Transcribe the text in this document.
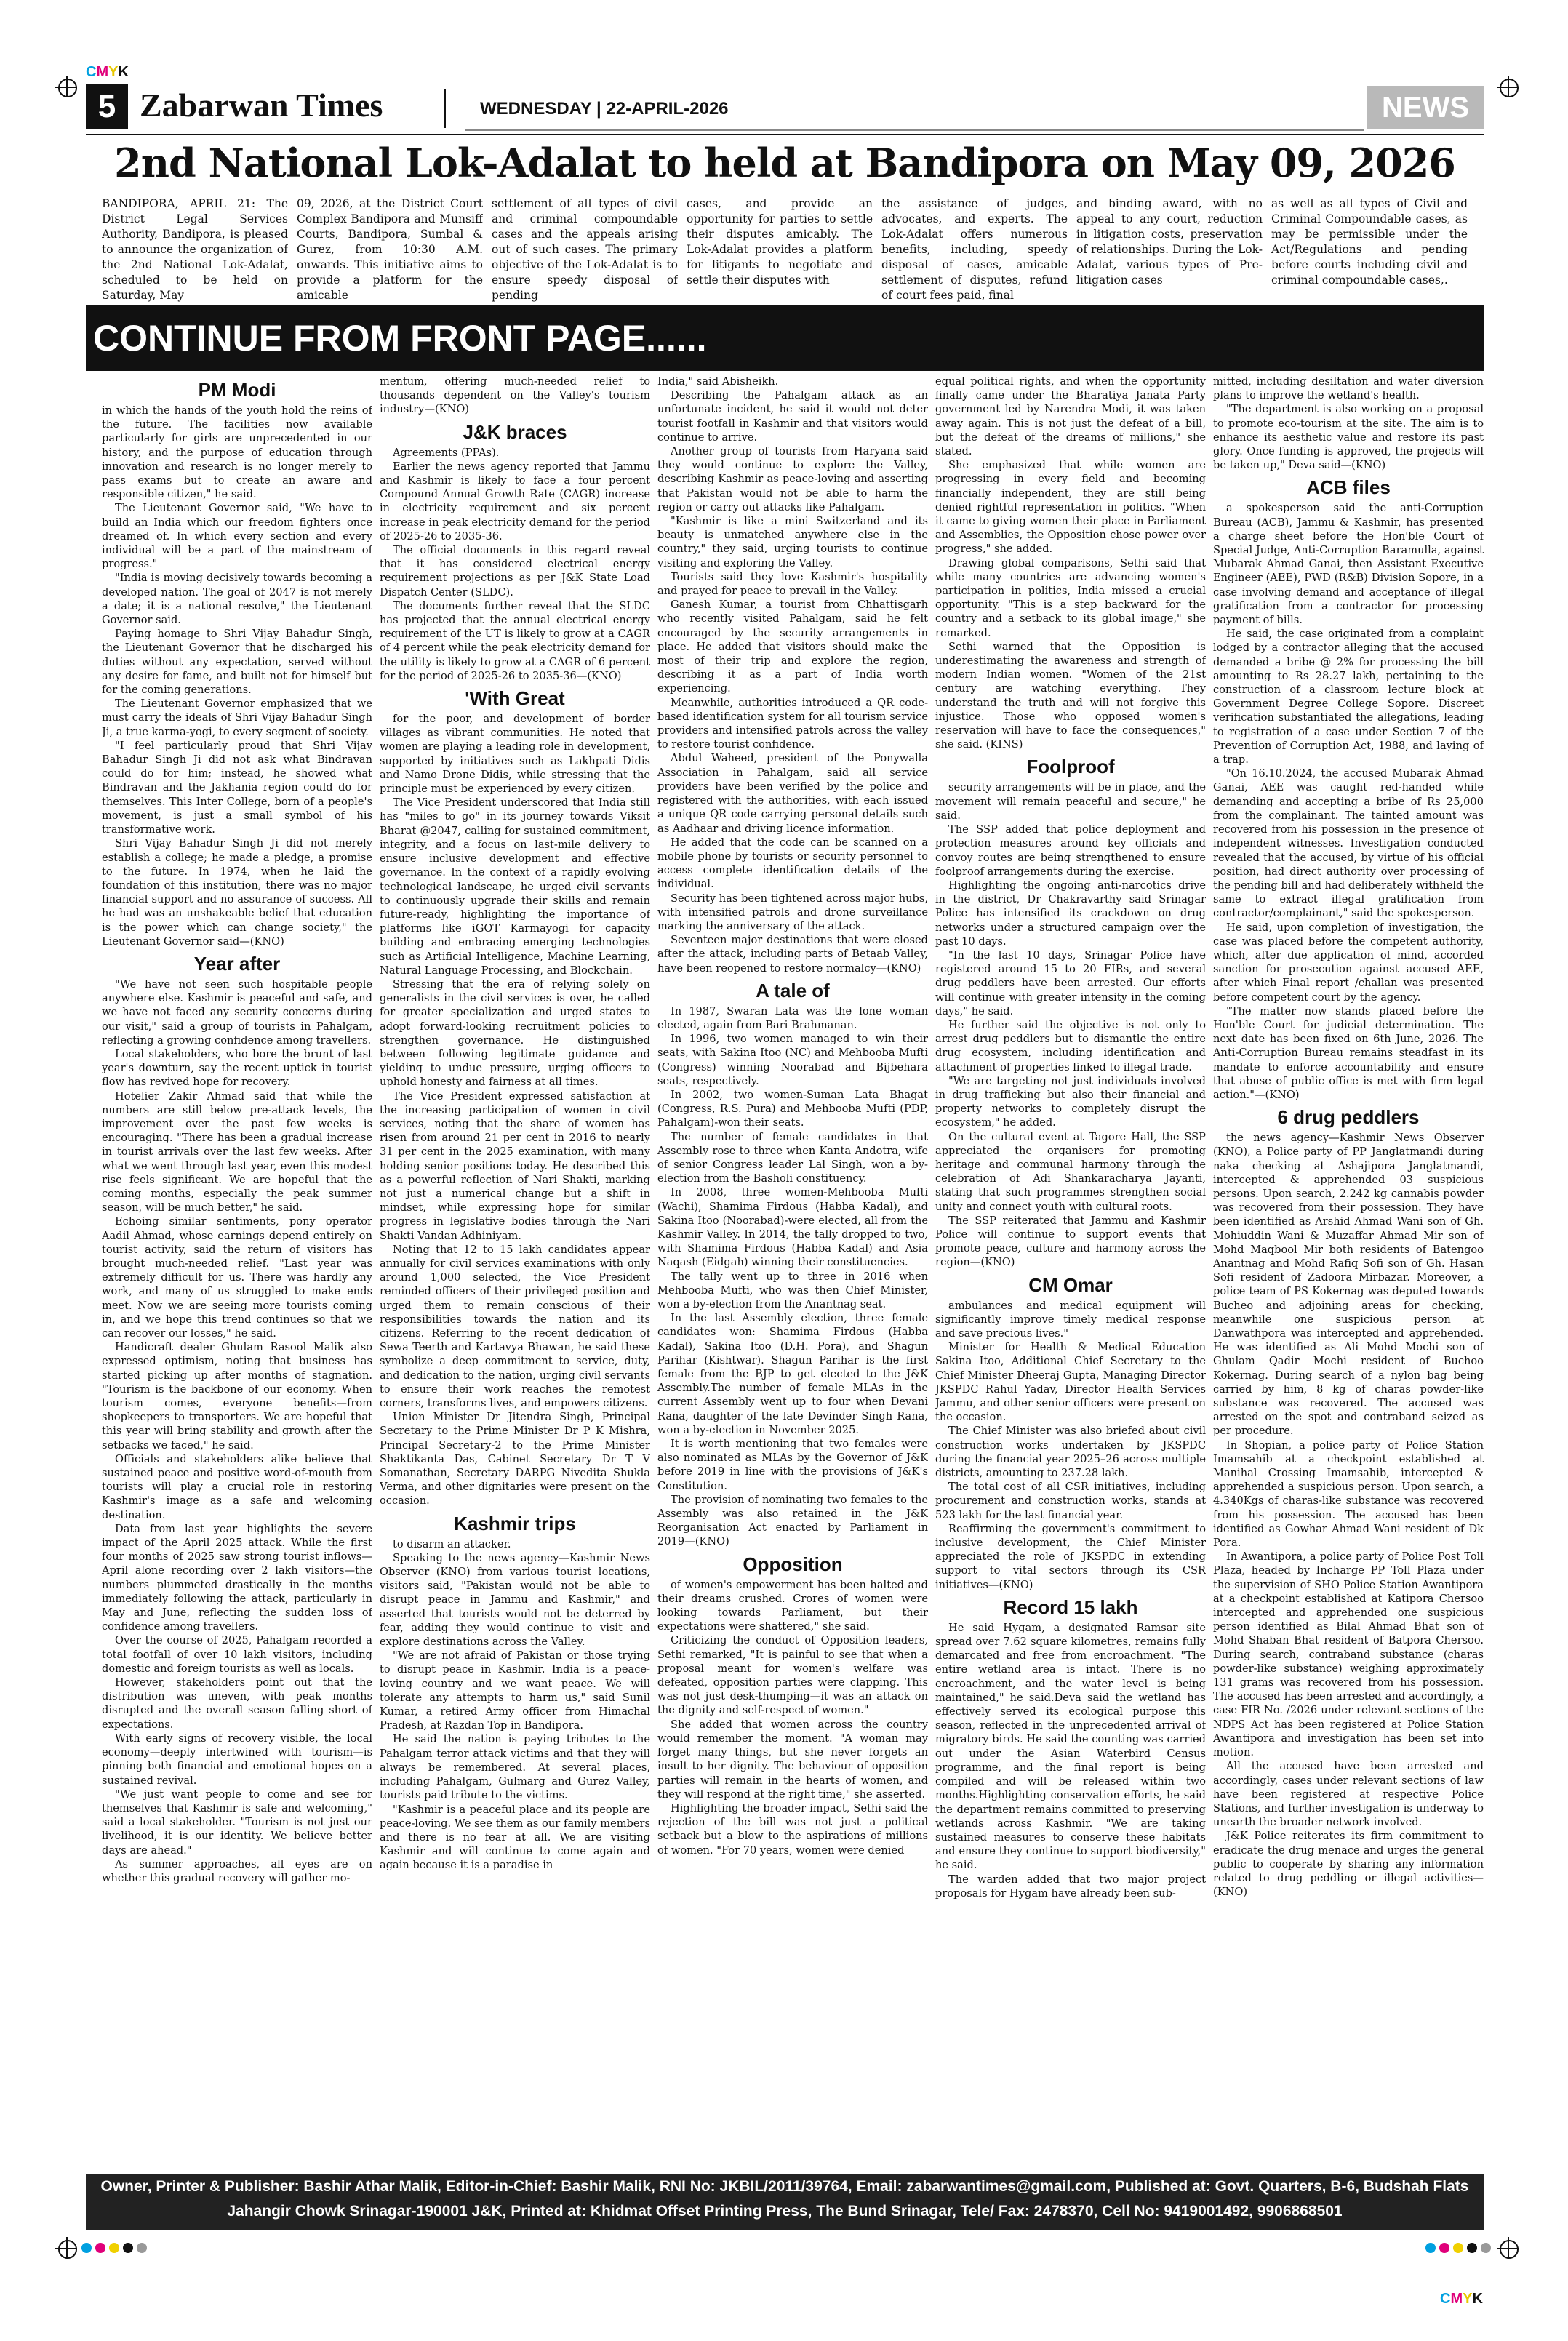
CMYK
CMYK
5 Zabarwan Times	WEDNESDAY | 22-APRIL-2026	NEWS
2nd National Lok-Adalat to held at Bandipora on May 09, 2026
BANDIPORA, APRIL 21: The District Legal Services Authority, Bandipora, is pleased to announce the organization of the 2nd National Lok-Adalat, scheduled to be held on Saturday, May
09, 2026, at the District Court Complex Bandipora and Munsiff Courts, Bandipora, Sumbal & Gurez, from 10:30 A.M. onwards. This initiative aims to provide a platform for the amicable
settlement of all types of civil and criminal compoundable cases and the appeals arising out of such cases. The primary objective of the Lok-Adalat is to ensure speedy disposal of pending
cases, and provide an opportunity for parties to settle their disputes amicably. The Lok-Adalat provides a platform for litigants to negotiate and settle their disputes with
the assistance of judges, advocates, and experts. The Lok-Adalat offers numerous benefits, including, speedy disposal of cases, amicable settlement of disputes, refund of court fees paid, final
and binding award, with no appeal to any court, reduction in litigation costs, preservation of relationships. During the Lok-Adalat, various types of Pre-litigation cases
as well as all types of Civil and Criminal Compoundable cases, as may be permissible under the Act/Regulations and pending before courts including civil and criminal compoundable cases,.
CONTINUE FROM FRONT PAGE......
PM Modi

in which the hands of the youth hold the reins of the future. The facilities now available particularly for girls are unprecedented in our history, and the purpose of education through innovation and research is no longer merely to pass exams but to create an aware and responsible citizen," he said.

The Lieutenant Governor said, "We have to build an India which our freedom fighters once dreamed of. In which every section and every individual will be a part of the mainstream of progress."

"India is moving decisively towards becoming a developed nation. The goal of 2047 is not merely a date; it is a national resolve," the Lieutenant Governor said.

Paying homage to Shri Vijay Bahadur Singh, the Lieutenant Governor that he discharged his duties without any expectation, served without any desire for fame, and built not for himself but for the coming generations.

The Lieutenant Governor emphasized that we must carry the ideals of Shri Vijay Bahadur Singh Ji, a true karma-yogi, to every segment of society.

"I feel particularly proud that Shri Vijay Bahadur Singh Ji did not ask what Bindravan could do for him; instead, he showed what Bindravan and the Jakhania region could do for themselves. This Inter College, born of a people's movement, is just a small symbol of his transformative work.

Shri Vijay Bahadur Singh Ji did not merely establish a college; he made a pledge, a promise to the future. In 1974, when he laid the foundation of this institution, there was no major financial support and no assurance of success. All he had was an unshakeable belief that education is the power which can change society," the Lieutenant Governor said—(KNO)

Year after

"We have not seen such hospitable people anywhere else. Kashmir is peaceful and safe, and we have not faced any security concerns during our visit," said a group of tourists in Pahalgam, reflecting a growing confidence among travellers.

Local stakeholders, who bore the brunt of last year's downturn, say the recent uptick in tourist flow has revived hope for recovery.

Hotelier Zakir Ahmad said that while the numbers are still below pre-attack levels, the improvement over the past few weeks is encouraging. "There has been a gradual increase in tourist arrivals over the last few weeks. After what we went through last year, even this modest rise feels significant. We are hopeful that the coming months, especially the peak summer season, will be much better," he said.

Echoing similar sentiments, pony operator Aadil Ahmad, whose earnings depend entirely on tourist activity, said the return of visitors has brought much-needed relief. "Last year was extremely difficult for us. There was hardly any work, and many of us struggled to make ends meet. Now we are seeing more tourists coming in, and we hope this trend continues so that we can recover our losses," he said.

Handicraft dealer Ghulam Rasool Malik also expressed optimism, noting that business has started picking up after months of stagnation. "Tourism is the backbone of our economy. When tourism comes, everyone benefits—from shopkeepers to transporters. We are hopeful that this year will bring stability and growth after the setbacks we faced," he said.

Officials and stakeholders alike believe that sustained peace and positive word-of-mouth from tourists will play a crucial role in restoring Kashmir's image as a safe and welcoming destination.

Data from last year highlights the severe impact of the April 2025 attack. While the first four months of 2025 saw strong tourist inflows—April alone recording over 2 lakh visitors—the numbers plummeted drastically in the months immediately following the attack, particularly in May and June, reflecting the sudden loss of confidence among travellers.

Over the course of 2025, Pahalgam recorded a total footfall of over 10 lakh visitors, including domestic and foreign tourists as well as locals.

However, stakeholders point out that the distribution was uneven, with peak months disrupted and the overall season falling short of expectations.

With early signs of recovery visible, the local economy—deeply intertwined with tourism—is pinning both financial and emotional hopes on a sustained revival.

"We just want people to come and see for themselves that Kashmir is safe and welcoming," said a local stakeholder. "Tourism is not just our livelihood, it is our identity. We believe better days are ahead."

As summer approaches, all eyes are on whether this gradual recovery will gather mo-

mentum, offering much-needed relief to thousands dependent on the Valley's tourism industry—(KNO)

J&K braces

Agreements (PPAs).

Earlier the news agency reported that Jammu and Kashmir is likely to face a four percent Compound Annual Growth Rate (CAGR) increase in electricity requirement and six percent increase in peak electricity demand for the period of 2025-26 to 2035-36.

The official documents in this regard reveal that it has considered electrical energy requirement projections as per J&K State Load Dispatch Center (SLDC).

The documents further reveal that the SLDC has projected that the annual electrical energy requirement of the UT is likely to grow at a CAGR of 4 percent while the peak electricity demand for the utility is likely to grow at a CAGR of 6 percent for the period of 2025-26 to 2035-36—(KNO)

'With Great

for the poor, and development of border villages as vibrant communities. He noted that women are playing a leading role in development, supported by initiatives such as Lakhpati Didis and Namo Drone Didis, while stressing that the principle must be experienced by every citizen.

The Vice President underscored that India still has "miles to go" in its journey towards Viksit Bharat @2047, calling for sustained commitment, integrity, and a focus on last-mile delivery to ensure inclusive development and effective governance. In the context of a rapidly evolving technological landscape, he urged civil servants to continuously upgrade their skills and remain future-ready, highlighting the importance of platforms like iGOT Karmayogi for capacity building and embracing emerging technologies such as Artificial Intelligence, Machine Learning, Natural Language Processing, and Blockchain.

Stressing that the era of relying solely on generalists in the civil services is over, he called for greater specialization and urged states to adopt forward-looking recruitment policies to strengthen governance. He distinguished between following legitimate guidance and yielding to undue pressure, urging officers to uphold honesty and fairness at all times.

The Vice President expressed satisfaction at the increasing participation of women in civil services, noting that the share of women has risen from around 21 per cent in 2016 to nearly 31 per cent in the 2025 examination, with many holding senior positions today. He described this as a powerful reflection of Nari Shakti, marking not just a numerical change but a shift in mindset, while expressing hope for similar progress in legislative bodies through the Nari Shakti Vandan Adhiniyam.

Noting that 12 to 15 lakh candidates appear annually for civil services examinations with only around 1,000 selected, the Vice President reminded officers of their privileged position and urged them to remain conscious of their responsibilities towards the nation and its citizens. Referring to the recent dedication of Sewa Teerth and Kartavya Bhawan, he said these symbolize a deep commitment to service, duty, and dedication to the nation, urging civil servants to ensure their work reaches the remotest corners, transforms lives, and empowers citizens.

Union Minister Dr Jitendra Singh, Principal Secretary to the Prime Minister Dr P K Mishra, Principal Secretary-2 to the Prime Minister Shaktikanta Das, Cabinet Secretary Dr T V Somanathan, Secretary DARPG Nivedita Shukla Verma, and other dignitaries were present on the occasion.

Kashmir trips

to disarm an attacker.

Speaking to the news agency—Kashmir News Observer (KNO) from various tourist locations, visitors said, "Pakistan would not be able to disrupt peace in Jammu and Kashmir," and asserted that tourists would not be deterred by fear, adding they would continue to visit and explore destinations across the Valley.

"We are not afraid of Pakistan or those trying to disrupt peace in Kashmir. India is a peace-loving country and we want peace. We will tolerate any attempts to harm us," said Sunil Kumar, a retired Army officer from Himachal Pradesh, at Razdan Top in Bandipora.

He said the nation is paying tributes to the Pahalgam terror attack victims and that they will always be remembered. At several places, including Pahalgam, Gulmarg and Gurez Valley, tourists paid tribute to the victims.

"Kashmir is a peaceful place and its people are peace-loving. We see them as our family members and there is no fear at all. We are visiting Kashmir and will continue to come again and again because it is a paradise in

India," said Abisheikh.

Describing the Pahalgam attack as an unfortunate incident, he said it would not deter tourist footfall in Kashmir and that visitors would continue to arrive.

Another group of tourists from Haryana said they would continue to explore the Valley, describing Kashmir as peace-loving and asserting that Pakistan would not be able to harm the region or carry out attacks like Pahalgam.

"Kashmir is like a mini Switzerland and its beauty is unmatched anywhere else in the country," they said, urging tourists to continue visiting and exploring the Valley.

Tourists said they love Kashmir's hospitality and prayed for peace to prevail in the Valley.

Ganesh Kumar, a tourist from Chhattisgarh who recently visited Pahalgam, said he felt encouraged by the security arrangements in place. He added that visitors should make the most of their trip and explore the region, describing it as a part of India worth experiencing.

Meanwhile, authorities introduced a QR code-based identification system for all tourism service providers and intensified patrols across the valley to restore tourist confidence.

Abdul Waheed, president of the Ponywalla Association in Pahalgam, said all service providers have been verified by the police and registered with the authorities, with each issued a unique QR code carrying personal details such as Aadhaar and driving licence information.

He added that the code can be scanned on a mobile phone by tourists or security personnel to access complete identification details of the individual.

Security has been tightened across major hubs, with intensified patrols and drone surveillance marking the anniversary of the attack.

Seventeen major destinations that were closed after the attack, including parts of Betaab Valley, have been reopened to restore normalcy—(KNO)

A tale of

In 1987, Swaran Lata was the lone woman elected, again from Bari Brahmanan.

In 1996, two women managed to win their seats, with Sakina Itoo (NC) and Mehbooba Mufti (Congress) winning Noorabad and Bijbehara seats, respectively.

In 2002, two women-Suman Lata Bhagat (Congress, R.S. Pura) and Mehbooba Mufti (PDP, Pahalgam)-won their seats.

The number of female candidates in that Assembly rose to three when Kanta Andotra, wife of senior Congress leader Lal Singh, won a by-election from the Basholi constituency.

In 2008, three women-Mehbooba Mufti (Wachi), Shamima Firdous (Habba Kadal), and Sakina Itoo (Noorabad)-were elected, all from the Kashmir Valley. In 2014, the tally dropped to two, with Shamima Firdous (Habba Kadal) and Asia Naqash (Eidgah) winning their constituencies.

The tally went up to three in 2016 when Mehbooba Mufti, who was then Chief Minister, won a by-election from the Anantnag seat.

In the last Assembly election, three female candidates won: Shamima Firdous (Habba Kadal), Sakina Itoo (D.H. Pora), and Shagun Parihar (Kishtwar). Shagun Parihar is the first female from the BJP to get elected to the J&K Assembly.The number of female MLAs in the current Assembly went up to four when Devani Rana, daughter of the late Devinder Singh Rana, won a by-election in November 2025.

It is worth mentioning that two females were also nominated as MLAs by the Governor of J&K before 2019 in line with the provisions of J&K's Constitution.

The provision of nominating two females to the Assembly was also retained in the J&K Reorganisation Act enacted by Parliament in 2019—(KNO)

Opposition

of women's empowerment has been halted and their dreams crushed. Crores of women were looking towards Parliament, but their expectations were shattered," she said.

Criticizing the conduct of Opposition leaders, Sethi remarked, "It is painful to see that when a proposal meant for women's welfare was defeated, opposition parties were clapping. This was not just desk-thumping—it was an attack on the dignity and self-respect of women."

She added that women across the country would remember the moment. "A woman may forget many things, but she never forgets an insult to her dignity. The behaviour of opposition parties will remain in the hearts of women, and they will respond at the right time," she asserted.

Highlighting the broader impact, Sethi said the rejection of the bill was not just a political setback but a blow to the aspirations of millions of women. "For 70 years, women were denied

equal political rights, and when the opportunity finally came under the Bharatiya Janata Party government led by Narendra Modi, it was taken away again. This is not just the defeat of a bill, but the defeat of the dreams of millions," she stated.

She emphasized that while women are progressing in every field and becoming financially independent, they are still being denied rightful representation in politics. "When it came to giving women their place in Parliament and Assemblies, the Opposition chose power over progress," she added.

Drawing global comparisons, Sethi said that while many countries are advancing women's participation in politics, India missed a crucial opportunity. "This is a step backward for the country and a setback to its global image," she remarked.

Sethi warned that the Opposition is underestimating the awareness and strength of modern Indian women. "Women of the 21st century are watching everything. They understand the truth and will not forgive this injustice. Those who opposed women's reservation will have to face the consequences," she said. (KINS)

Foolproof

security arrangements will be in place, and the movement will remain peaceful and secure," he said.

The SSP added that police deployment and protection measures around key officials and convoy routes are being strengthened to ensure foolproof arrangements during the exercise.

Highlighting the ongoing anti-narcotics drive in the district, Dr Chakravarthy said Srinagar Police has intensified its crackdown on drug networks under a structured campaign over the past 10 days.

"In the last 10 days, Srinagar Police have registered around 15 to 20 FIRs, and several drug peddlers have been arrested. Our efforts will continue with greater intensity in the coming days," he said.

He further said the objective is not only to arrest drug peddlers but to dismantle the entire drug ecosystem, including identification and attachment of properties linked to illegal trade.

"We are targeting not just individuals involved in drug trafficking but also their financial and property networks to completely disrupt the ecosystem," he added.

On the cultural event at Tagore Hall, the SSP appreciated the organisers for promoting heritage and communal harmony through the celebration of Adi Shankaracharya Jayanti, stating that such programmes strengthen social unity and connect youth with cultural roots.

The SSP reiterated that Jammu and Kashmir Police will continue to support events that promote peace, culture and harmony across the region—(KNO)

CM Omar

ambulances and medical equipment will significantly improve timely medical response and save precious lives."

Minister for Health & Medical Education Sakina Itoo, Additional Chief Secretary to the Chief Minister Dheeraj Gupta, Managing Director JKSPDC Rahul Yadav, Director Health Services Jammu, and other senior officers were present on the occasion.

The Chief Minister was also briefed about civil construction works undertaken by JKSPDC during the financial year 2025–26 across multiple districts, amounting to 237.28 lakh.

The total cost of all CSR initiatives, including procurement and construction works, stands at 523 lakh for the last financial year.

Reaffirming the government's commitment to inclusive development, the Chief Minister appreciated the role of JKSPDC in extending support to vital sectors through its CSR initiatives—(KNO)

Record 15 lakh

He said Hygam, a designated Ramsar site spread over 7.62 square kilometres, remains fully demarcated and free from encroachment. "The entire wetland area is intact. There is no encroachment, and the water level is being maintained," he said.Deva said the wetland has effectively served its ecological purpose this season, reflected in the unprecedented arrival of migratory birds. He said the counting was carried out under the Asian Waterbird Census programme, and the final report is being compiled and will be released within two months.Highlighting conservation efforts, he said the department remains committed to preserving wetlands across Kashmir. "We are taking sustained measures to conserve these habitats and ensure they continue to support biodiversity," he said.

The warden added that two major project proposals for Hygam have already been sub-

mitted, including desiltation and water diversion plans to improve the wetland's health.

"The department is also working on a proposal to promote eco-tourism at the site. The aim is to enhance its aesthetic value and restore its past glory. Once funding is approved, the projects will be taken up," Deva said—(KNO)

ACB files

a spokesperson said the anti-Corruption Bureau (ACB), Jammu & Kashmir, has presented a charge sheet before the Hon'ble Court of Special Judge, Anti-Corruption Baramulla, against Mubarak Ahmad Ganai, then Assistant Executive Engineer (AEE), PWD (R&B) Division Sopore, in a case involving demand and acceptance of illegal gratification from a contractor for processing payment of bills.

He said, the case originated from a complaint lodged by a contractor alleging that the accused demanded a bribe @ 2% for processing the bill amounting to Rs 28.27 lakh, pertaining to the construction of a classroom lecture block at Government Degree College Sopore. Discreet verification substantiated the allegations, leading to registration of a case under Section 7 of the Prevention of Corruption Act, 1988, and laying of a trap.

"On 16.10.2024, the accused Mubarak Ahmad Ganai, AEE was caught red-handed while demanding and accepting a bribe of Rs 25,000 from the complainant. The tainted amount was recovered from his possession in the presence of independent witnesses. Investigation conducted revealed that the accused, by virtue of his official position, had direct authority over processing of the pending bill and had deliberately withheld the same to extract illegal gratification from contractor/complainant," said the spokesperson.

He said, upon completion of investigation, the case was placed before the competent authority, which, after due application of mind, accorded sanction for prosecution against accused AEE, after which Final report /challan was presented before competent court by the agency.

"The matter now stands placed before the Hon'ble Court for judicial determination. The next date has been fixed on 6th June, 2026. The Anti-Corruption Bureau remains steadfast in its mandate to enforce accountability and ensure that abuse of public office is met with firm legal action."—(KNO)

6 drug peddlers

the news agency—Kashmir News Observer (KNO), a Police party of PP Janglatmandi during naka checking at Ashajipora Janglatmandi, intercepted & apprehended 03 suspicious persons. Upon search, 2.242 kg cannabis powder was recovered from their possession. They have been identified as Arshid Ahmad Wani son of Gh. Mohiuddin Wani & Muzaffar Ahmad Mir son of Mohd Maqbool Mir both residents of Batengoo Anantnag and Mohd Rafiq Sofi son of Gh. Hasan Sofi resident of Zadoora Mirbazar. Moreover, a police team of PS Kokernag was deputed towards Bucheo and adjoining areas for checking, meanwhile one suspicious person at Danwathpora was intercepted and apprehended. He was identified as Ali Mohd Mochi son of Ghulam Qadir Mochi resident of Buchoo Kokernag. During search of a nylon bag being carried by him, 8 kg of charas powder-like substance was recovered. The accused was arrested on the spot and contraband seized as per procedure.

In Shopian, a police party of Police Station Imamsahib at a checkpoint established at Manihal Crossing Imamsahib, intercepted & apprehended a suspicious person. Upon search, a 4.340Kgs of charas-like substance was recovered from his possession. The accused has been identified as Gowhar Ahmad Wani resident of Dk Pora.

In Awantipora, a police party of Police Post Toll Plaza, headed by Incharge PP Toll Plaza under the supervision of SHO Police Station Awantipora at a checkpoint established at Katipora Chersoo intercepted and apprehended one suspicious person identified as Bilal Ahmad Bhat son of Mohd Shaban Bhat resident of Batpora Chersoo. During search, contraband substance (charas powder-like substance) weighing approximately 131 grams was recovered from his possession. The accused has been arrested and accordingly, a case FIR No. /2026 under relevant sections of the NDPS Act has been registered at Police Station Awantipora and investigation has been set into motion.

All the accused have been arrested and accordingly, cases under relevant sections of law have been registered at respective Police Stations, and further investigation is underway to unearth the broader network involved.

J&K Police reiterates its firm commitment to eradicate the drug menace and urges the general public to cooperate by sharing any information related to drug peddling or illegal activities—(KNO)

Owner, Printer & Publisher: Bashir Athar Malik, Editor-in-Chief: Bashir Malik, RNI No: JKBIL/2011/39764, Email: zabarwantimes@gmail.com, Published at: Govt. Quarters, B-6, Budshah Flats
Jahangir Chowk Srinagar-190001 J&K, Printed at: Khidmat Offset Printing Press, The Bund Srinagar, Tele/ Fax: 2478370, Cell No: 9419001492, 9906868501
